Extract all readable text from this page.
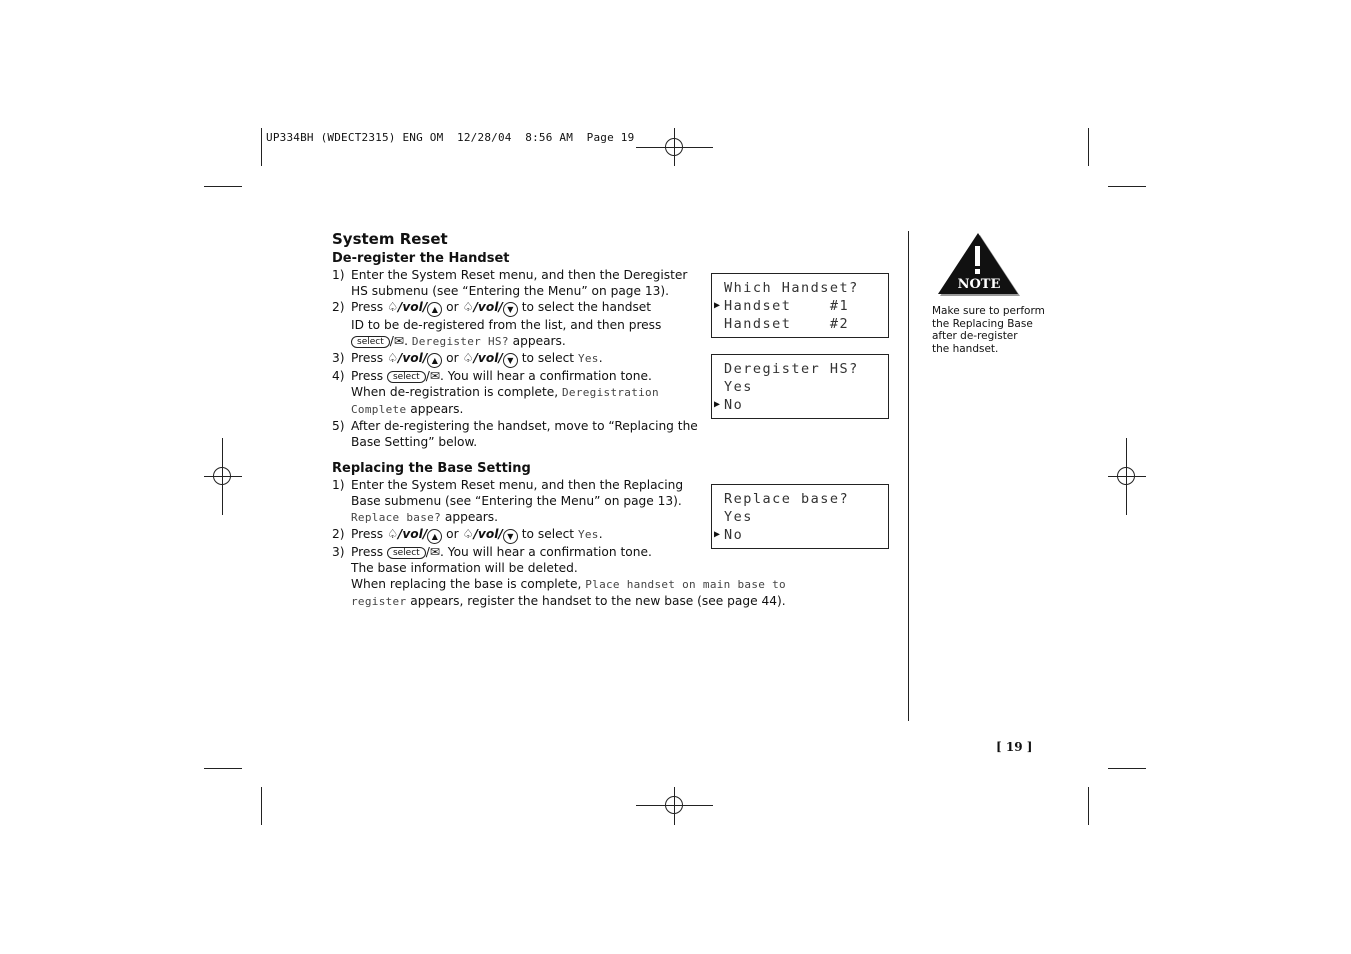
UP334BH (WDECT2315) ENG OM  12/28/04  8:56 AM  Page 19
System Reset
De-register the Handset
1) Enter the System Reset menu, and then the Deregister
HS submenu (see “Entering the Menu” on page 13).
2) Press ♤/vol/ ▲ or ♤/vol/ ▼ to select the handset
ID to be de-registered from the list, and then press
select /✉. Deregister HS? appears.
3) Press ♤/vol/ ▲ or ♤/vol/ ▼ to select Yes.
4) Press select /✉. You will hear a confirmation tone.
When de-registration is complete, Deregistration
Complete appears.
5) After de-registering the handset, move to “Replacing the
Base Setting” below.
Replacing the Base Setting
1) Enter the System Reset menu, and then the Replacing
Base submenu (see “Entering the Menu” on page 13).
Replace base? appears.
2) Press ♤/vol/ ▲ or ♤/vol/ ▼ to select Yes.
3) Press select /✉. You will hear a confirmation tone.
The base information will be deleted.
When replacing the base is complete, Place handset on main base to
register appears, register the handset to the new base (see page 44).
Which Handset?
▶ Handset    #1
Handset    #2
Deregister HS?
Yes
▶ No
Replace base?
Yes
▶ No
NOTE
Make sure to perform
the Replacing Base
after de-register
the handset.
[ 19 ]
